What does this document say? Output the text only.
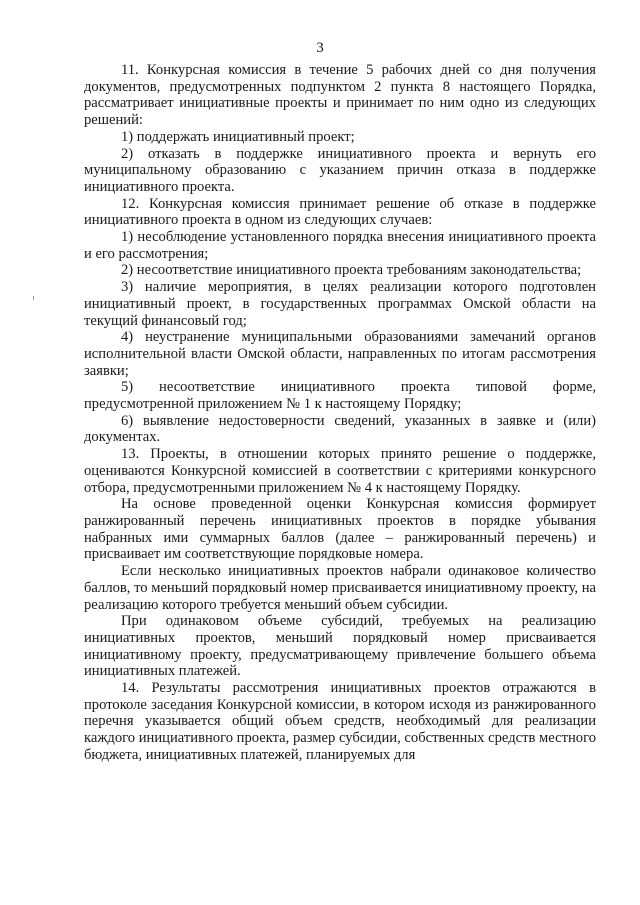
3

11. Конкурсная комиссия в течение 5 рабочих дней со дня получения документов, предусмотренных подпунктом 2 пункта 8 настоящего Порядка, рассматривает инициативные проекты и принимает по ним одно из следующих решений:

1) поддержать инициативный проект;

2) отказать в поддержке инициативного проекта и вернуть его муниципальному образованию с указанием причин отказа в поддержке инициативного проекта.

12. Конкурсная комиссия принимает решение об отказе в поддержке инициативного проекта в одном из следующих случаев:

1) несоблюдение установленного порядка внесения инициативного проекта и его рассмотрения;

2) несоответствие инициативного проекта требованиям законодательства;

3) наличие мероприятия, в целях реализации которого подготовлен инициативный проект, в государственных программах Омской области на текущий финансовый год;

4) неустранение муниципальными образованиями замечаний органов исполнительной власти Омской области, направленных по итогам рассмотрения заявки;

5) несоответствие инициативного проекта типовой форме, предусмотренной приложением № 1 к настоящему Порядку;

6) выявление недостоверности сведений, указанных в заявке и (или) документах.

13. Проекты, в отношении которых принято решение о поддержке, оцениваются Конкурсной комиссией в соответствии с критериями конкурсного отбора, предусмотренными приложением № 4 к настоящему Порядку.

На основе проведенной оценки Конкурсная комиссия формирует ранжированный перечень инициативных проектов в порядке убывания набранных ими суммарных баллов (далее – ранжированный перечень) и присваивает им соответствующие порядковые номера.

Если несколько инициативных проектов набрали одинаковое количество баллов, то меньший порядковый номер присваивается инициативному проекту, на реализацию которого требуется меньший объем субсидии.

При одинаковом объеме субсидий, требуемых на реализацию инициативных проектов, меньший порядковый номер присваивается инициативному проекту, предусматривающему привлечение большего объема инициативных платежей.

14. Результаты рассмотрения инициативных проектов отражаются в протоколе заседания Конкурсной комиссии, в котором исходя из ранжированного перечня указывается общий объем средств, необходимый для реализации каждого инициативного проекта, размер субсидии, собственных средств местного бюджета, инициативных платежей, планируемых для
